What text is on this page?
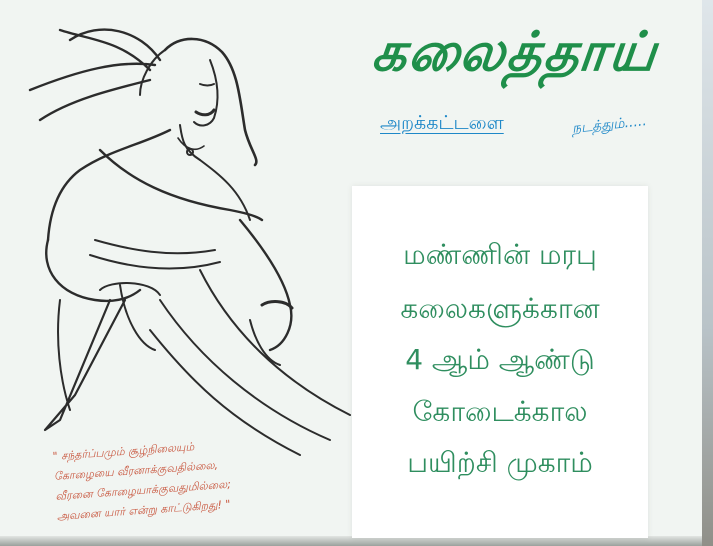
கலைத்தாய்
அறக்கட்டளை	நடத்தும்.....
மண்ணின் மரபு
கலைகளுக்கான
4 ஆம் ஆண்டு
கோடைக்கால
பயிற்சி முகாம்
" சந்தர்ப்பமும் சூழ்நிலையும்
கோழையை வீரனாக்குவதில்லை,
வீரனை கோழையாக்குவதுமில்லை;
அவனை யார் என்று காட்டுகிறது! "
